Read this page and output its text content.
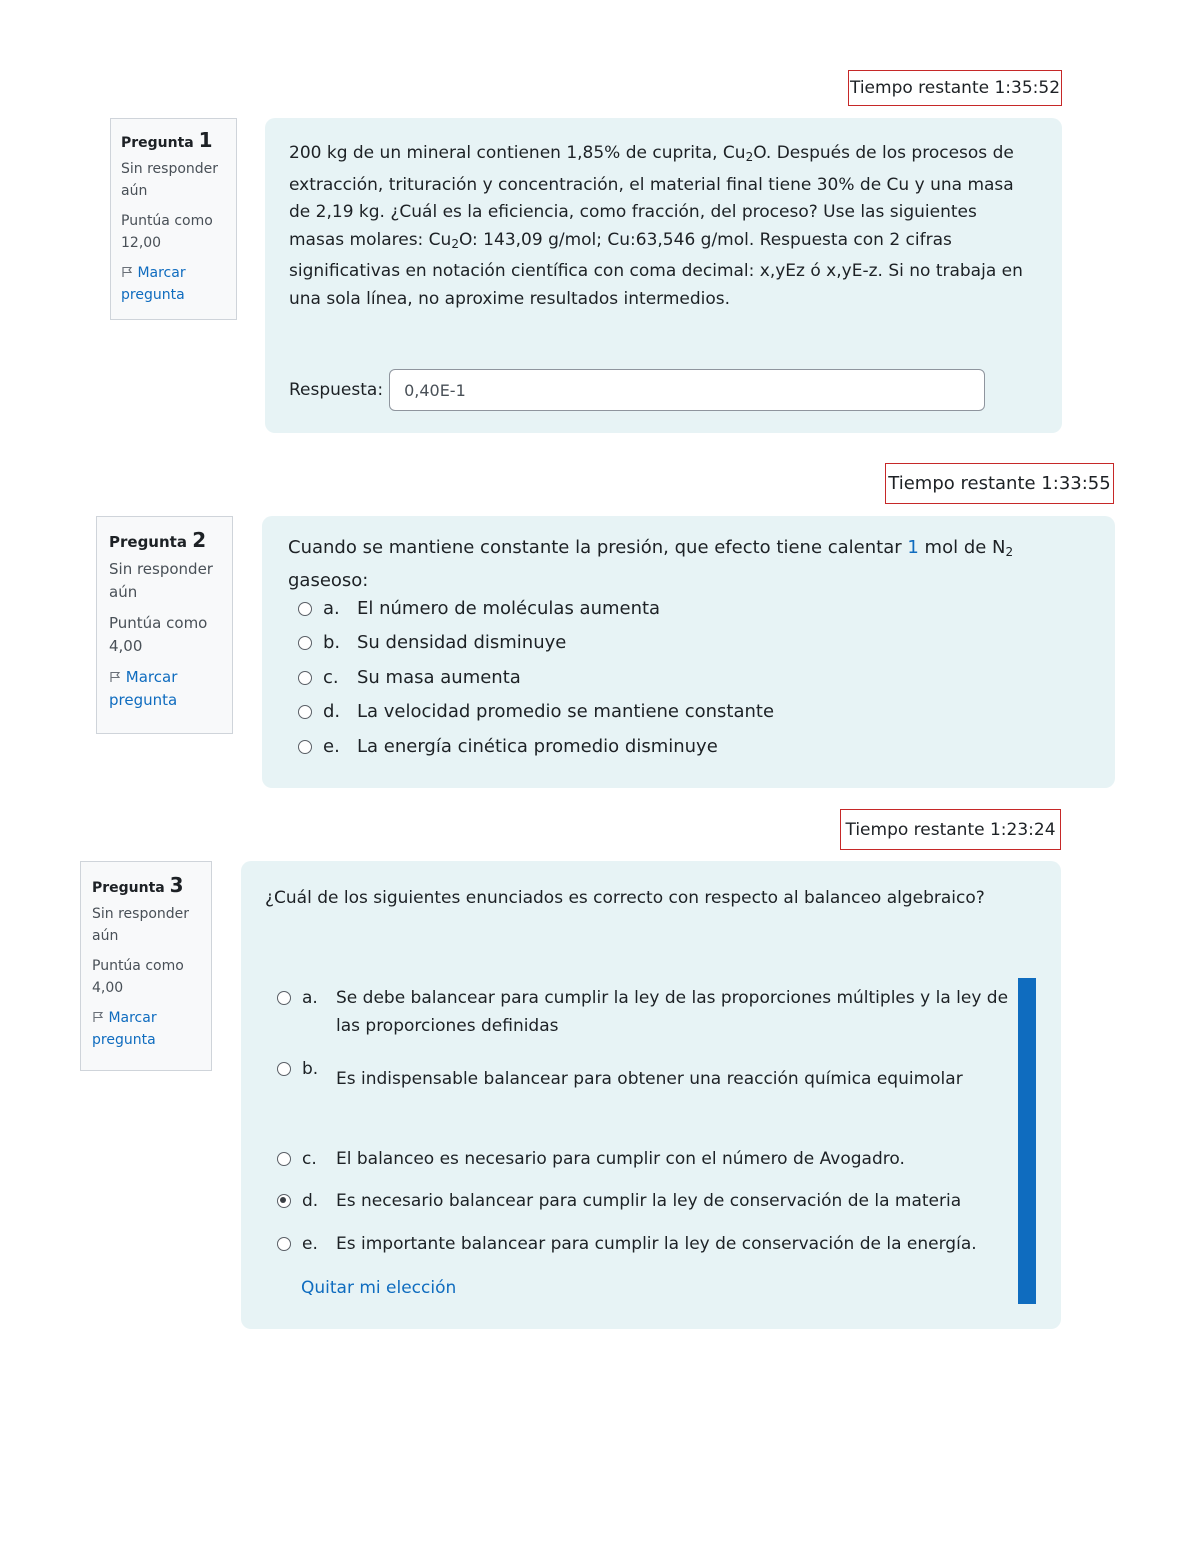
Tiempo restante 1:35:52
Pregunta 1
Sin responder aún
Puntúa como 12,00
Marcar pregunta
200 kg de un mineral contienen 1,85% de cuprita, $Cu_2O$. Después de los procesos de extracción, trituración y concentración, el material final tiene 30% de Cu y una masa de 2,19 kg. ¿Cuál es la eficiencia, como fracción, del proceso? Use las siguientes masas molares: $Cu_2O$: 143,09 g/mol; Cu:63,546 g/mol. Respuesta con 2 cifras significativas en notación científica con coma decimal: x,yEz ó x,yE-z. Si no trabaja en una sola línea, no aproxime resultados intermedios.
Respuesta:
0,40E-1
Tiempo restante 1:33:55
Pregunta 2
Sin responder aún
Puntúa como 4,00
Marcar pregunta
Cuando se mantiene constante la presión, que efecto tiene calentar 1 mol de $N_2$ gaseoso:
a. El número de moléculas aumenta
b. Su densidad disminuye
c.	Su masa aumenta
d. La velocidad promedio se mantiene constante
e. La energía cinética promedio disminuye
Tiempo restante 1:23:24
Pregunta 3
Sin responder aún
Puntúa como 4,00
Marcar pregunta
¿Cuál de los siguientes enunciados es correcto con respecto al balanceo algebraico?
a.	Se debe balancear para cumplir la ley de las proporciones múltiples y la ley de las proporciones definidas
b.	Es indispensable balancear para obtener una reacción química equimolar
c.	El balanceo es necesario para cumplir con el número de Avogadro.
d.	Es necesario balancear para cumplir la ley de conservación de la materia
e.	Es importante balancear para cumplir la ley de conservación de la energía.
Quitar mi elección
